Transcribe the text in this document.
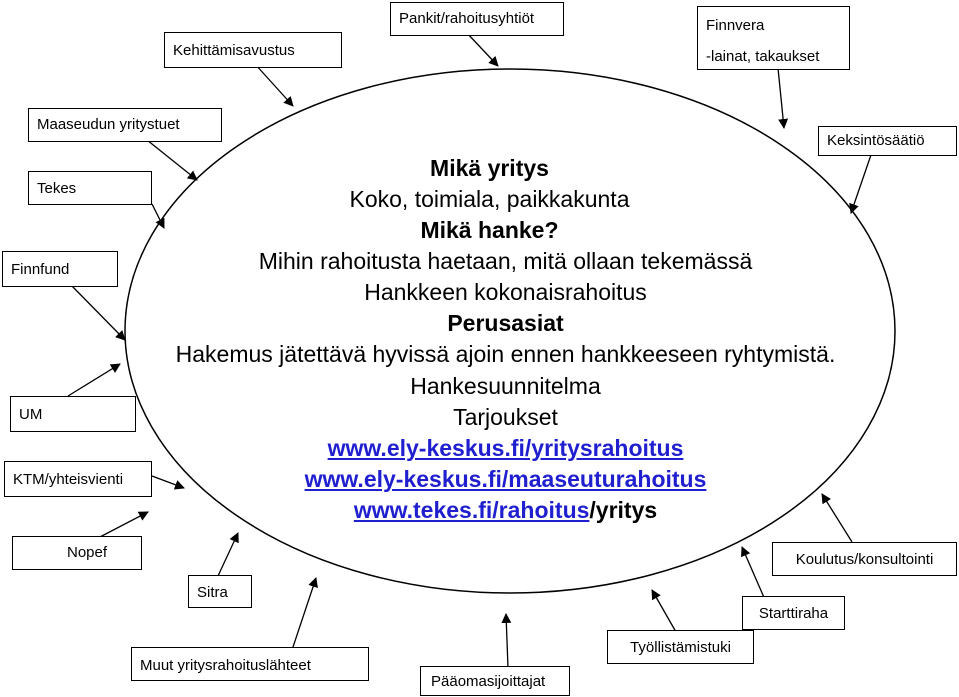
Kehittämisavustus
Pankit/rahoitusyhtiöt	Finnvera
-lainat, takaukset
Maaseudun yritystuet
Keksintösäätiö
Tekes
Finnfund
UM
KTM/yhteisvienti
Nopef	Koulutus/konsultointi
Sitra
Starttiraha
Työllistämistuki
Muut yritysrahoituslähteet
Pääomasijoittajat
Mikä yritys
Koko, toimiala, paikkakunta
Mikä hanke?
Mihin rahoitusta haetaan, mitä ollaan tekemässä
Hankkeen kokonaisrahoitus
Perusasiat
Hakemus jätettävä hyvissä ajoin ennen hankkeeseen ryhtymistä.
Hankesuunnitelma
Tarjoukset
www.ely-keskus.fi/yritysrahoitus
www.ely-keskus.fi/maaseuturahoitus
www.tekes.fi/rahoitus/yritys
